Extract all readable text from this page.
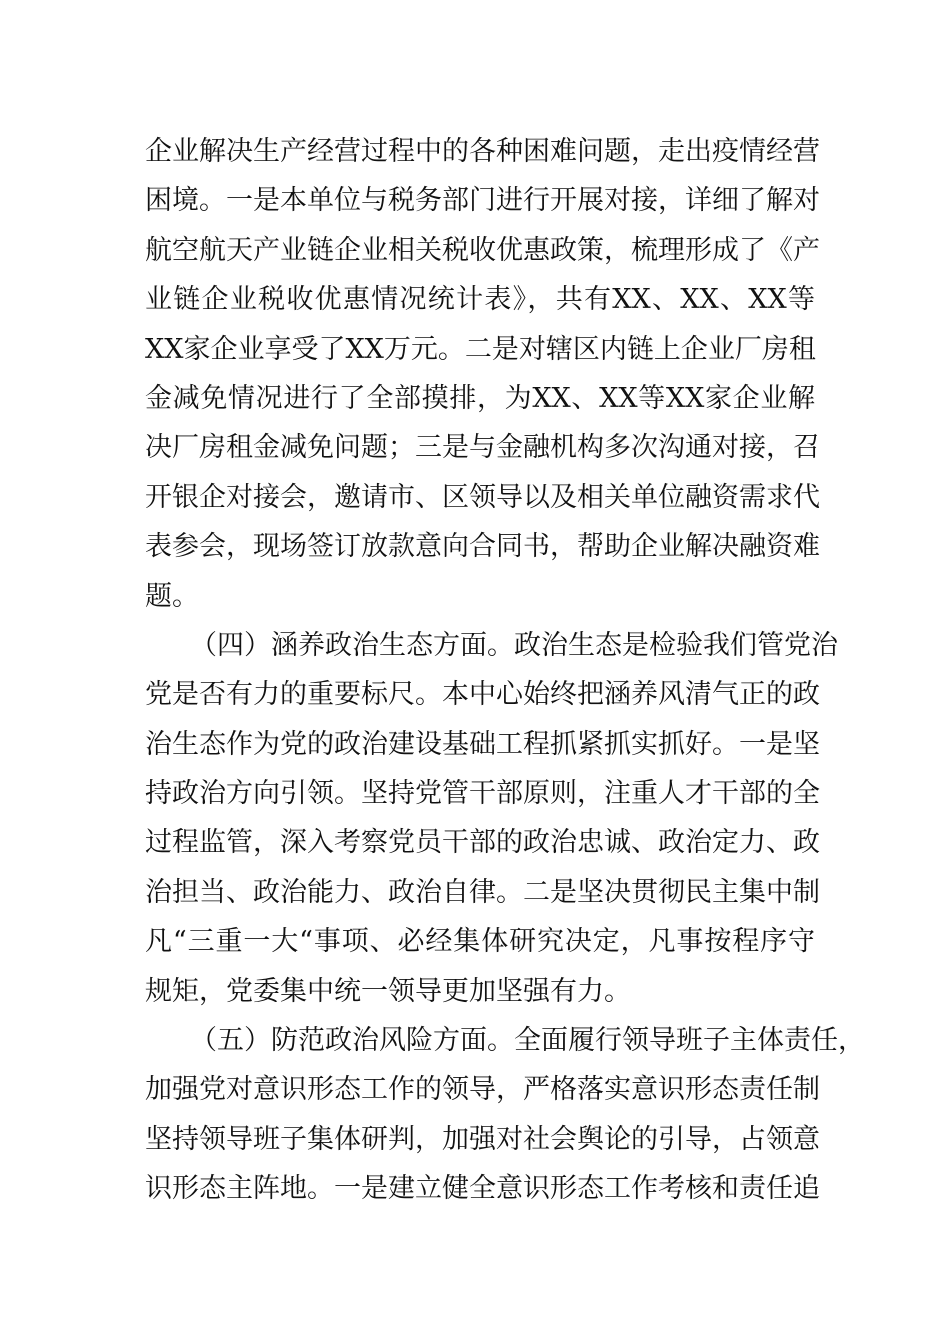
企业解决生产经营过程中的各种困难问题，走出疫情经营
困境。一是本单位与税务部门进行开展对接，详细了解对
航空航天产业链企业相关税收优惠政策，梳理形成了《产
业链企业税收优惠情况统计表》，共有XX、XX、XX等
XX家企业享受了XX万元。二是对辖区内链上企业厂房租
金减免情况进行了全部摸排，为XX、XX等XX家企业解
决厂房租金减免问题；三是与金融机构多次沟通对接，召
开银企对接会，邀请市、区领导以及相关单位融资需求代
表参会，现场签订放款意向合同书，帮助企业解决融资难
题。
（四）涵养政治生态方面。政治生态是检验我们管党治
党是否有力的重要标尺。本中心始终把涵养风清气正的政
治生态作为党的政治建设基础工程抓紧抓实抓好。一是坚
持政治方向引领。坚持党管干部原则，注重人才干部的全
过程监管，深入考察党员干部的政治忠诚、政治定力、政
治担当、政治能力、政治自律。二是坚决贯彻民主集中制
凡“三重一大“事项、必经集体研究决定，凡事按程序守
规矩，党委集中统一领导更加坚强有力。
（五）防范政治风险方面。全面履行领导班子主体责任，
加强党对意识形态工作的领导，严格落实意识形态责任制
坚持领导班子集体研判，加强对社会舆论的引导，占领意
识形态主阵地。一是建立健全意识形态工作考核和责任追
